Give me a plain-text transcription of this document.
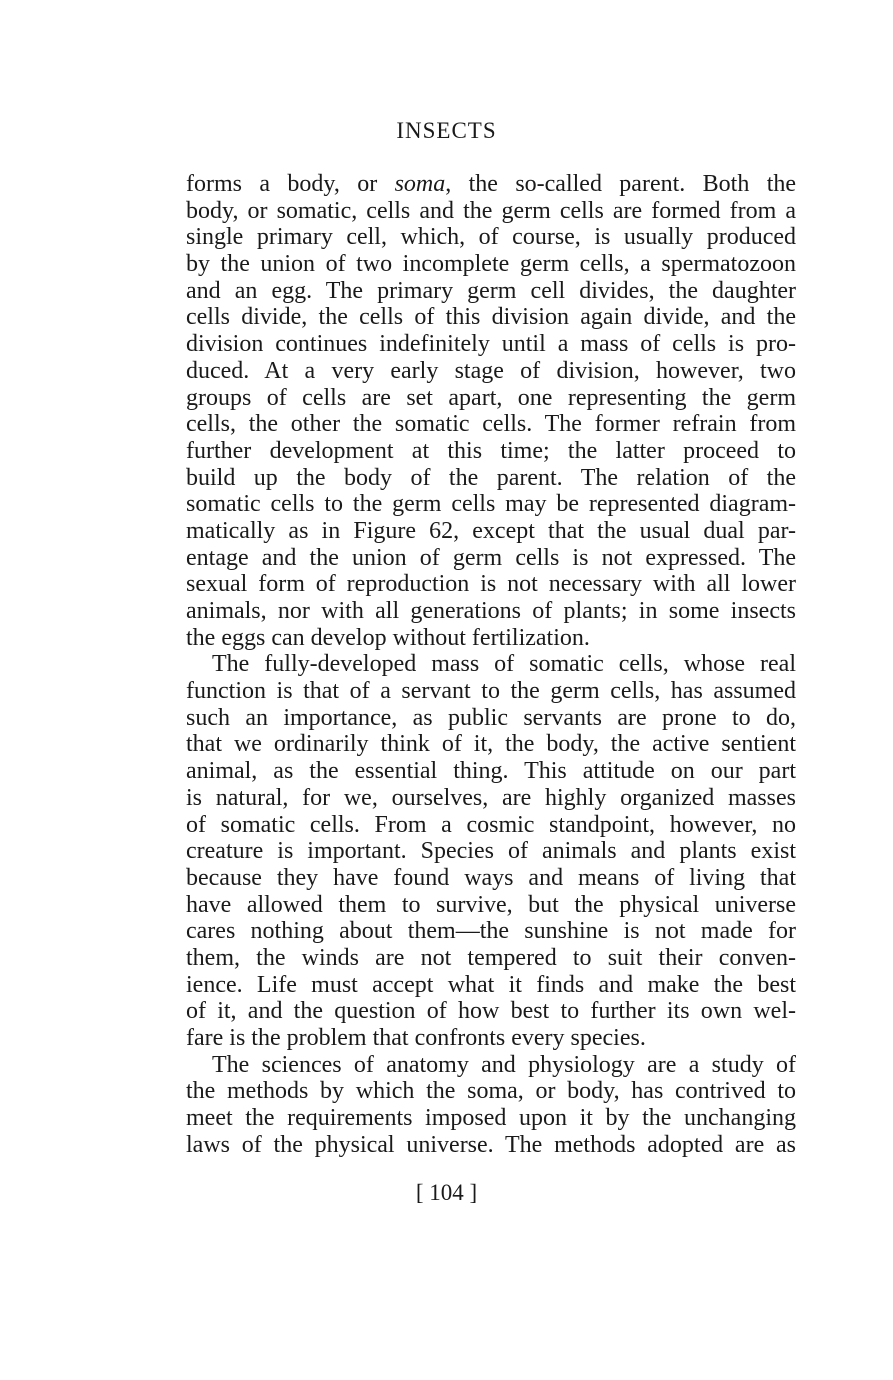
INSECTS
forms a body, or soma, the so-called parent. Both the
body, or somatic, cells and the germ cells are formed from a
single primary cell, which, of course, is usually produced
by the union of two incomplete germ cells, a spermatozoon
and an egg. The primary germ cell divides, the daughter
cells divide, the cells of this division again divide, and the
division continues indefinitely until a mass of cells is pro-
duced. At a very early stage of division, however, two
groups of cells are set apart, one representing the germ
cells, the other the somatic cells. The former refrain from
further development at this time; the latter proceed to
build up the body of the parent. The relation of the
somatic cells to the germ cells may be represented diagram-
matically as in Figure 62, except that the usual dual par-
entage and the union of germ cells is not expressed. The
sexual form of reproduction is not necessary with all lower
animals, nor with all generations of plants; in some insects
the eggs can develop without fertilization.
The fully-developed mass of somatic cells, whose real
function is that of a servant to the germ cells, has assumed
such an importance, as public servants are prone to do,
that we ordinarily think of it, the body, the active sentient
animal, as the essential thing. This attitude on our part
is natural, for we, ourselves, are highly organized masses
of somatic cells. From a cosmic standpoint, however, no
creature is important. Species of animals and plants exist
because they have found ways and means of living that
have allowed them to survive, but the physical universe
cares nothing about them—the sunshine is not made for
them, the winds are not tempered to suit their conven-
ience. Life must accept what it finds and make the best
of it, and the question of how best to further its own wel-
fare is the problem that confronts every species.
The sciences of anatomy and physiology are a study of
the methods by which the soma, or body, has contrived to
meet the requirements imposed upon it by the unchanging
laws of the physical universe. The methods adopted are as
[ 104 ]
